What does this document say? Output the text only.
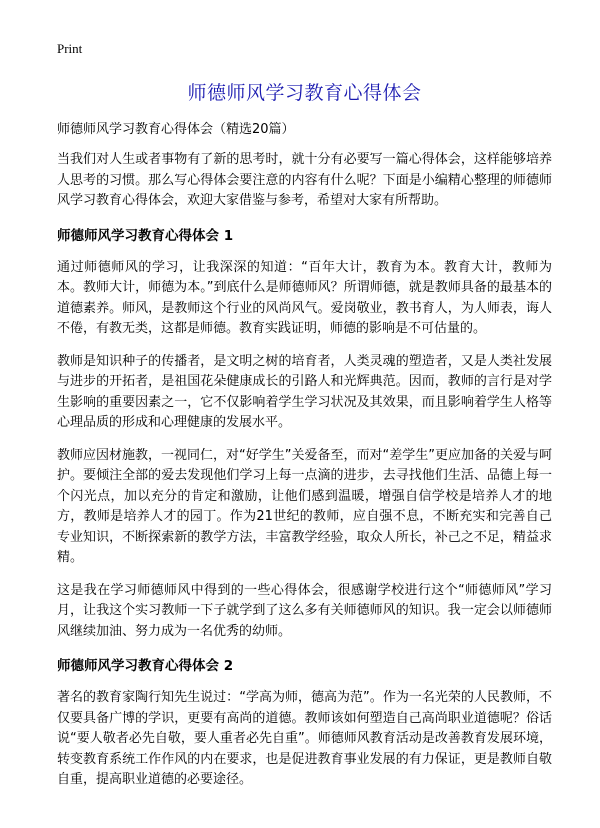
Print
师德师风学习教育心得体会
师德师风学习教育心得体会（精选20篇）

当我们对人生或者事物有了新的思考时，就十分有必要写一篇心得体会，这样能够培养人思考的习惯。那么写心得体会要注意的内容有什么呢？下面是小编精心整理的师德师风学习教育心得体会，欢迎大家借鉴与参考，希望对大家有所帮助。

师德师风学习教育心得体会 1

通过师德师风的学习，让我深深的知道：“百年大计，教育为本。教育大计，教师为本。教师大计，师德为本。”到底什么是师德师风？所谓师德，就是教师具备的最基本的道德素养。师风，是教师这个行业的风尚风气。爱岗敬业，教书育人，为人师表，诲人不倦，有教无类，这都是师德。教育实践证明，师德的影响是不可估量的。

教师是知识种子的传播者，是文明之树的培育者，人类灵魂的塑造者，又是人类社发展与进步的开拓者，是祖国花朵健康成长的引路人和光辉典范。因而，教师的言行是对学生影响的重要因素之一，它不仅影响着学生学习状况及其效果，而且影响着学生人格等心理品质的形成和心理健康的发展水平。

教师应因材施教，一视同仁，对“好学生”关爱备至，而对“差学生”更应加备的关爱与呵护。要倾注全部的爱去发现他们学习上每一点滴的进步，去寻找他们生活、品德上每一个闪光点，加以充分的肯定和激励，让他们感到温暖，增强自信学校是培养人才的地方，教师是培养人才的园丁。作为21世纪的教师，应自强不息，不断充实和完善自己专业知识，不断探索新的教学方法，丰富教学经验，取众人所长，补己之不足，精益求精。

这是我在学习师德师风中得到的一些心得体会，很感谢学校进行这个“师德师风”学习月，让我这个实习教师一下子就学到了这么多有关师德师风的知识。我一定会以师德师风继续加油、努力成为一名优秀的幼师。

师德师风学习教育心得体会 2

著名的教育家陶行知先生说过：“学高为师，德高为范”。作为一名光荣的人民教师，不仅要具备广博的学识，更要有高尚的道德。教师该如何塑造自己高尚职业道德呢？俗话说“要人敬者必先自敬，要人重者必先自重”。师德师风教育活动是改善教育发展环境，转变教育系统工作作风的内在要求，也是促进教育事业发展的有力保证，更是教师自敬自重，提高职业道德的必要途径。
